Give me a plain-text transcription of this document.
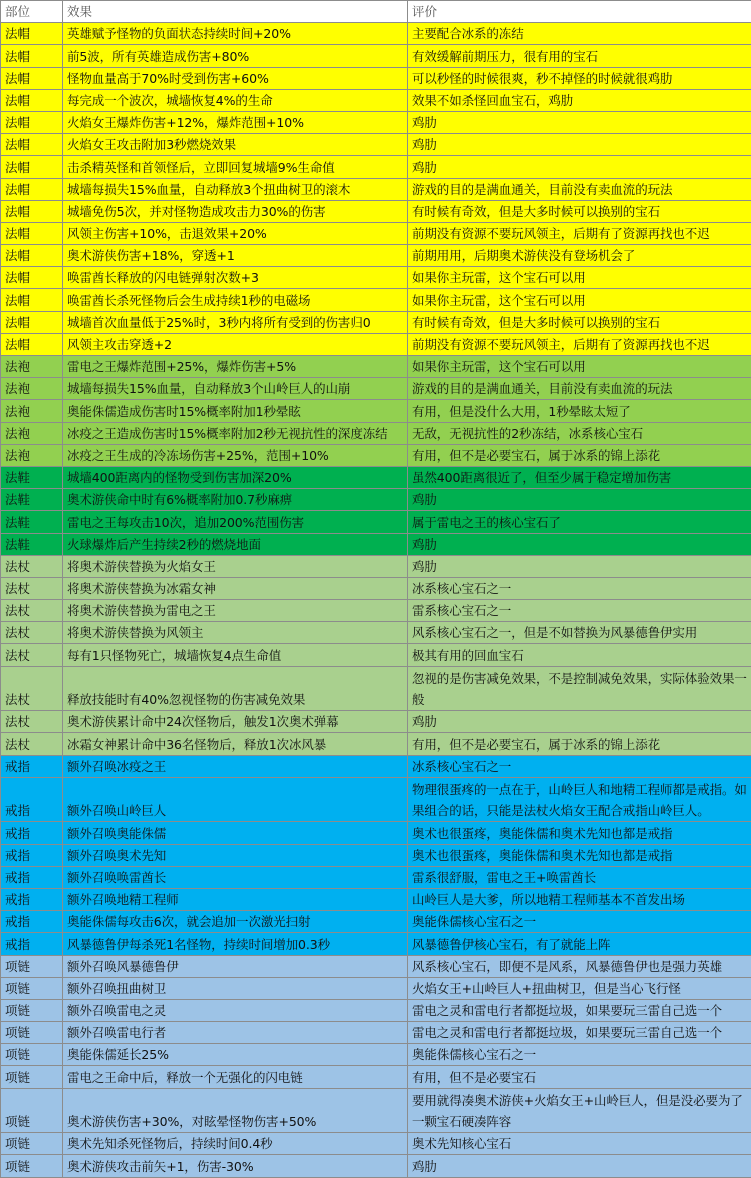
部位	效果	评价
法帽	英雄赋予怪物的负面状态持续时间+20%	主要配合冰系的冻结
法帽	前5波，所有英雄造成伤害+80%	有效缓解前期压力，很有用的宝石
法帽	怪物血量高于70%时受到伤害+60%	可以秒怪的时候很爽，秒不掉怪的时候就很鸡肋
法帽	每完成一个波次，城墙恢复4%的生命	效果不如杀怪回血宝石，鸡肋
法帽	火焰女王爆炸伤害+12%，爆炸范围+10%	鸡肋
法帽	火焰女王攻击附加3秒燃烧效果	鸡肋
法帽	击杀精英怪和首领怪后，立即回复城墙9%生命值	鸡肋
法帽	城墙每损失15%血量，自动释放3个扭曲树卫的滚木	游戏的目的是满血通关，目前没有卖血流的玩法
法帽	城墙免伤5次，并对怪物造成攻击力30%的伤害	有时候有奇效，但是大多时候可以换别的宝石
法帽	风领主伤害+10%，击退效果+20%	前期没有资源不要玩风领主，后期有了资源再找也不迟
法帽	奥术游侠伤害+18%，穿透+1	前期用用，后期奥术游侠没有登场机会了
法帽	唤雷酋长释放的闪电链弹射次数+3	如果你主玩雷，这个宝石可以用
法帽	唤雷酋长杀死怪物后会生成持续1秒的电磁场	如果你主玩雷，这个宝石可以用
法帽	城墙首次血量低于25%时，3秒内将所有受到的伤害归0	有时候有奇效，但是大多时候可以换别的宝石
法帽	风领主攻击穿透+2	前期没有资源不要玩风领主，后期有了资源再找也不迟
法袍	雷电之王爆炸范围+25%，爆炸伤害+5%	如果你主玩雷，这个宝石可以用
法袍	城墙每损失15%血量，自动释放3个山岭巨人的山崩	游戏的目的是满血通关，目前没有卖血流的玩法
法袍	奥能侏儒造成伤害时15%概率附加1秒晕眩	有用，但是没什么大用，1秒晕眩太短了
法袍	冰疫之王造成伤害时15%概率附加2秒无视抗性的深度冻结	无敌，无视抗性的2秒冻结，冰系核心宝石
法袍	冰疫之王生成的冷冻场伤害+25%，范围+10%	有用，但不是必要宝石，属于冰系的锦上添花
法鞋	城墙400距离内的怪物受到伤害加深20%	虽然400距离很近了，但至少属于稳定增加伤害
法鞋	奥术游侠命中时有6%概率附加0.7秒麻痹	鸡肋
法鞋	雷电之王每攻击10次，追加200%范围伤害	属于雷电之王的核心宝石了
法鞋	火球爆炸后产生持续2秒的燃烧地面	鸡肋
法杖	将奥术游侠替换为火焰女王	鸡肋
法杖	将奥术游侠替换为冰霜女神	冰系核心宝石之一
法杖	将奥术游侠替换为雷电之王	雷系核心宝石之一
法杖	将奥术游侠替换为风领主	风系核心宝石之一，但是不如替换为风暴德鲁伊实用
法杖	每有1只怪物死亡，城墙恢复4点生命值	极其有用的回血宝石
法杖	释放技能时有40%忽视怪物的伤害减免效果	忽视的是伤害减免效果，不是控制减免效果，实际体验效果一般
法杖	奥术游侠累计命中24次怪物后，触发1次奥术弹幕	鸡肋
法杖	冰霜女神累计命中36名怪物后，释放1次冰风暴	有用，但不是必要宝石，属于冰系的锦上添花
戒指	额外召唤冰疫之王	冰系核心宝石之一
戒指	额外召唤山岭巨人	物理很蛋疼的一点在于，山岭巨人和地精工程师都是戒指。如果组合的话，只能是法杖火焰女王配合戒指山岭巨人。
戒指	额外召唤奥能侏儒	奥术也很蛋疼，奥能侏儒和奥术先知也都是戒指
戒指	额外召唤奥术先知	奥术也很蛋疼，奥能侏儒和奥术先知也都是戒指
戒指	额外召唤唤雷酋长	雷系很舒服，雷电之王+唤雷酋长
戒指	额外召唤地精工程师	山岭巨人是大爹，所以地精工程师基本不首发出场
戒指	奥能侏儒每攻击6次，就会追加一次激光扫射	奥能侏儒核心宝石之一
戒指	风暴德鲁伊每杀死1名怪物，持续时间增加0.3秒	风暴德鲁伊核心宝石，有了就能上阵
项链	额外召唤风暴德鲁伊	风系核心宝石，即便不是风系，风暴德鲁伊也是强力英雄
项链	额外召唤扭曲树卫	火焰女王+山岭巨人+扭曲树卫，但是当心飞行怪
项链	额外召唤雷电之灵	雷电之灵和雷电行者都挺垃圾，如果要玩三雷自己选一个
项链	额外召唤雷电行者	雷电之灵和雷电行者都挺垃圾，如果要玩三雷自己选一个
项链	奥能侏儒延长25%	奥能侏儒核心宝石之一
项链	雷电之王命中后，释放一个无强化的闪电链	有用，但不是必要宝石
项链	奥术游侠伤害+30%，对眩晕怪物伤害+50%	要用就得凑奥术游侠+火焰女王+山岭巨人，但是没必要为了一颗宝石硬凑阵容
项链	奥术先知杀死怪物后，持续时间0.4秒	奥术先知核心宝石
项链	奥术游侠攻击前矢+1，伤害-30%	鸡肋
